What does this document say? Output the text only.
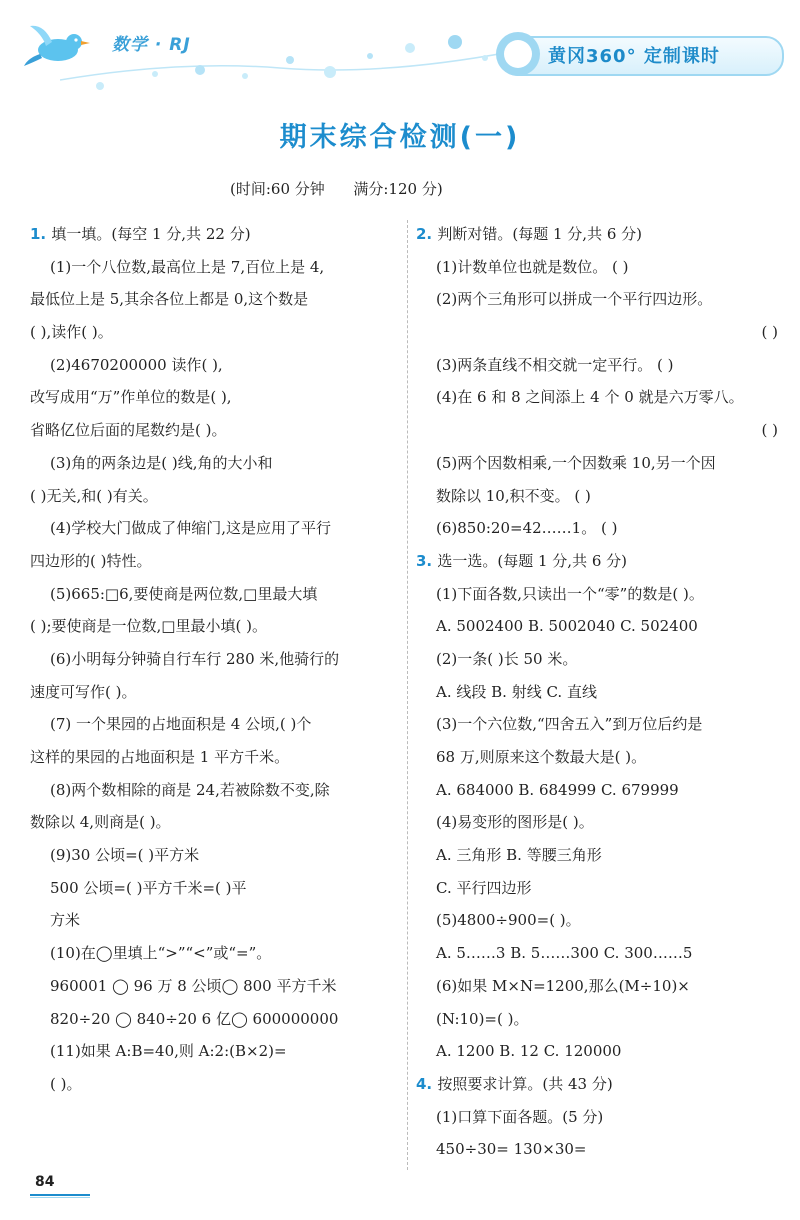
数学 · RJ
黄冈360° 定制课时
期末综合检测(一)
(时间:60 分钟      满分:120 分)
1. 填一填。(每空 1 分,共 22 分)
(1)一个八位数,最高位上是 7,百位上是 4,
最低位上是 5,其余各位上都是 0,这个数是
( ),读作( )。
(2)4670200000 读作( ),
改写成用“万”作单位的数是( ),
省略亿位后面的尾数约是( )。
(3)角的两条边是( )线,角的大小和
( )无关,和( )有关。
(4)学校大门做成了伸缩门,这是应用了平行
四边形的( )特性。
(5)665:□6,要使商是两位数,□里最大填
( );要使商是一位数,□里最小填( )。
(6)小明每分钟骑自行车行 280 米,他骑行的
速度可写作( )。
(7) 一个果园的占地面积是 4 公顷,( )个
这样的果园的占地面积是 1 平方千米。
(8)两个数相除的商是 24,若被除数不变,除
数除以 4,则商是( )。
(9)30 公顷=( )平方米
500 公顷=( )平方千米=( )平
方米
(10)在◯里填上“>”“<”或“=”。
960001 ◯ 96 万 8 公顷◯ 800 平方千米
820÷20 ◯ 840÷20 6 亿◯ 600000000
(11)如果 A:B=40,则 A:2:(B×2)=
( )。
2. 判断对错。(每题 1 分,共 6 分)
(1)计数单位也就是数位。 ( )
(2)两个三角形可以拼成一个平行四边形。
( )
(3)两条直线不相交就一定平行。 ( )
(4)在 6 和 8 之间添上 4 个 0 就是六万零八。
( )
(5)两个因数相乘,一个因数乘 10,另一个因
数除以 10,积不变。 ( )
(6)850:20=42……1。 ( )
3. 选一选。(每题 1 分,共 6 分)
(1)下面各数,只读出一个“零”的数是( )。
A. 5002400 B. 5002040 C. 502400
(2)一条( )长 50 米。
A. 线段 B. 射线 C. 直线
(3)一个六位数,“四舍五入”到万位后约是
68 万,则原来这个数最大是( )。
A. 684000 B. 684999 C. 679999
(4)易变形的图形是( )。
A. 三角形 B. 等腰三角形
C. 平行四边形
(5)4800÷900=( )。
A. 5……3 B. 5……300 C. 300……5
(6)如果 M×N=1200,那么(M÷10)×
(N:10)=( )。
A. 1200 B. 12 C. 120000
4. 按照要求计算。(共 43 分)
(1)口算下面各题。(5 分)
450÷30= 130×30=
84
